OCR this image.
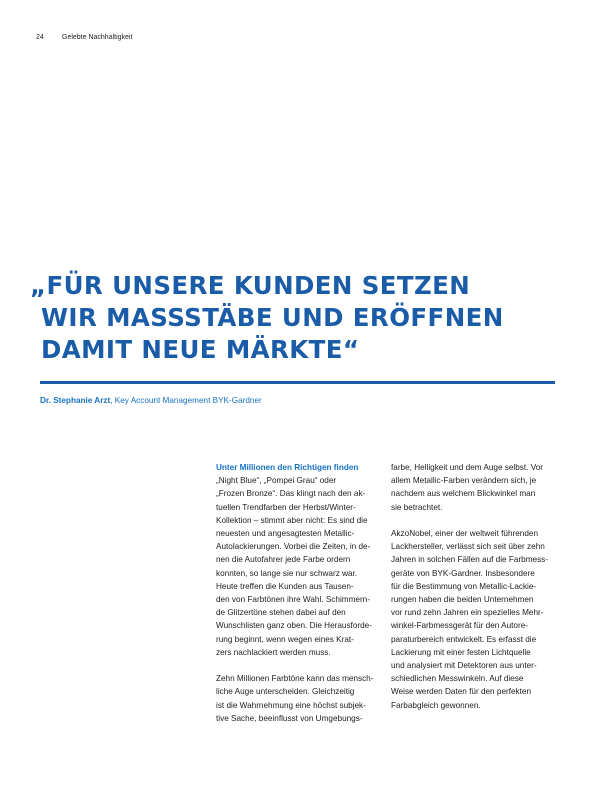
24	Gelebte Nachhaltigkeit
„FÜR UNSERE KUNDEN SETZEN
WIR MASSSTÄBE UND ERÖFFNEN
DAMIT NEUE MÄRKTE“
Dr. Stephanie Arzt, Key Account Management BYK-Gardner
Unter Millionen den Richtigen finden
„Night Blue“, „Pompei Grau“ oder
„Frozen Bronze“. Das klingt nach den ak-
tuellen Trendfarben der Herbst/Winter-
Kollektion – stimmt aber nicht: Es sind die
neuesten und angesagtesten Metallic-
Autolackierungen. Vorbei die Zeiten, in de-
nen die Autofahrer jede Farbe ordern
konnten, so lange sie nur schwarz war.
Heute treffen die Kunden aus Tausen-
den von Farbtönen ihre Wahl. Schimmern-
de Glitzertöne stehen dabei auf den
Wunschlisten ganz oben. Die Herausforde-
rung beginnt, wenn wegen eines Krat-
zers nachlackiert werden muss.
Zehn Millionen Farbtöne kann das mensch-
liche Auge unterscheiden. Gleichzeitig
ist die Wahrnehmung eine höchst subjek-
tive Sache, beeinflusst von Umgebungs-
farbe, Helligkeit und dem Auge selbst. Vor
allem Metallic-Farben verändern sich, je
nachdem aus welchem Blickwinkel man
sie betrachtet.
AkzoNobel, einer der weltweit führenden
Lackhersteller, verlässt sich seit über zehn
Jahren in solchen Fällen auf die Farbmess-
geräte von BYK-Gardner. Insbesondere
für die Bestimmung von Metallic-Lackie-
rungen haben die beiden Unternehmen
vor rund zehn Jahren ein spezielles Mehr-
winkel-Farbmessgerät für den Autore-
paraturbereich entwickelt. Es erfasst die
Lackierung mit einer festen Lichtquelle
und analysiert mit Detektoren aus unter-
schiedlichen Messwinkeln. Auf diese
Weise werden Daten für den perfekten
Farbabgleich gewonnen.
